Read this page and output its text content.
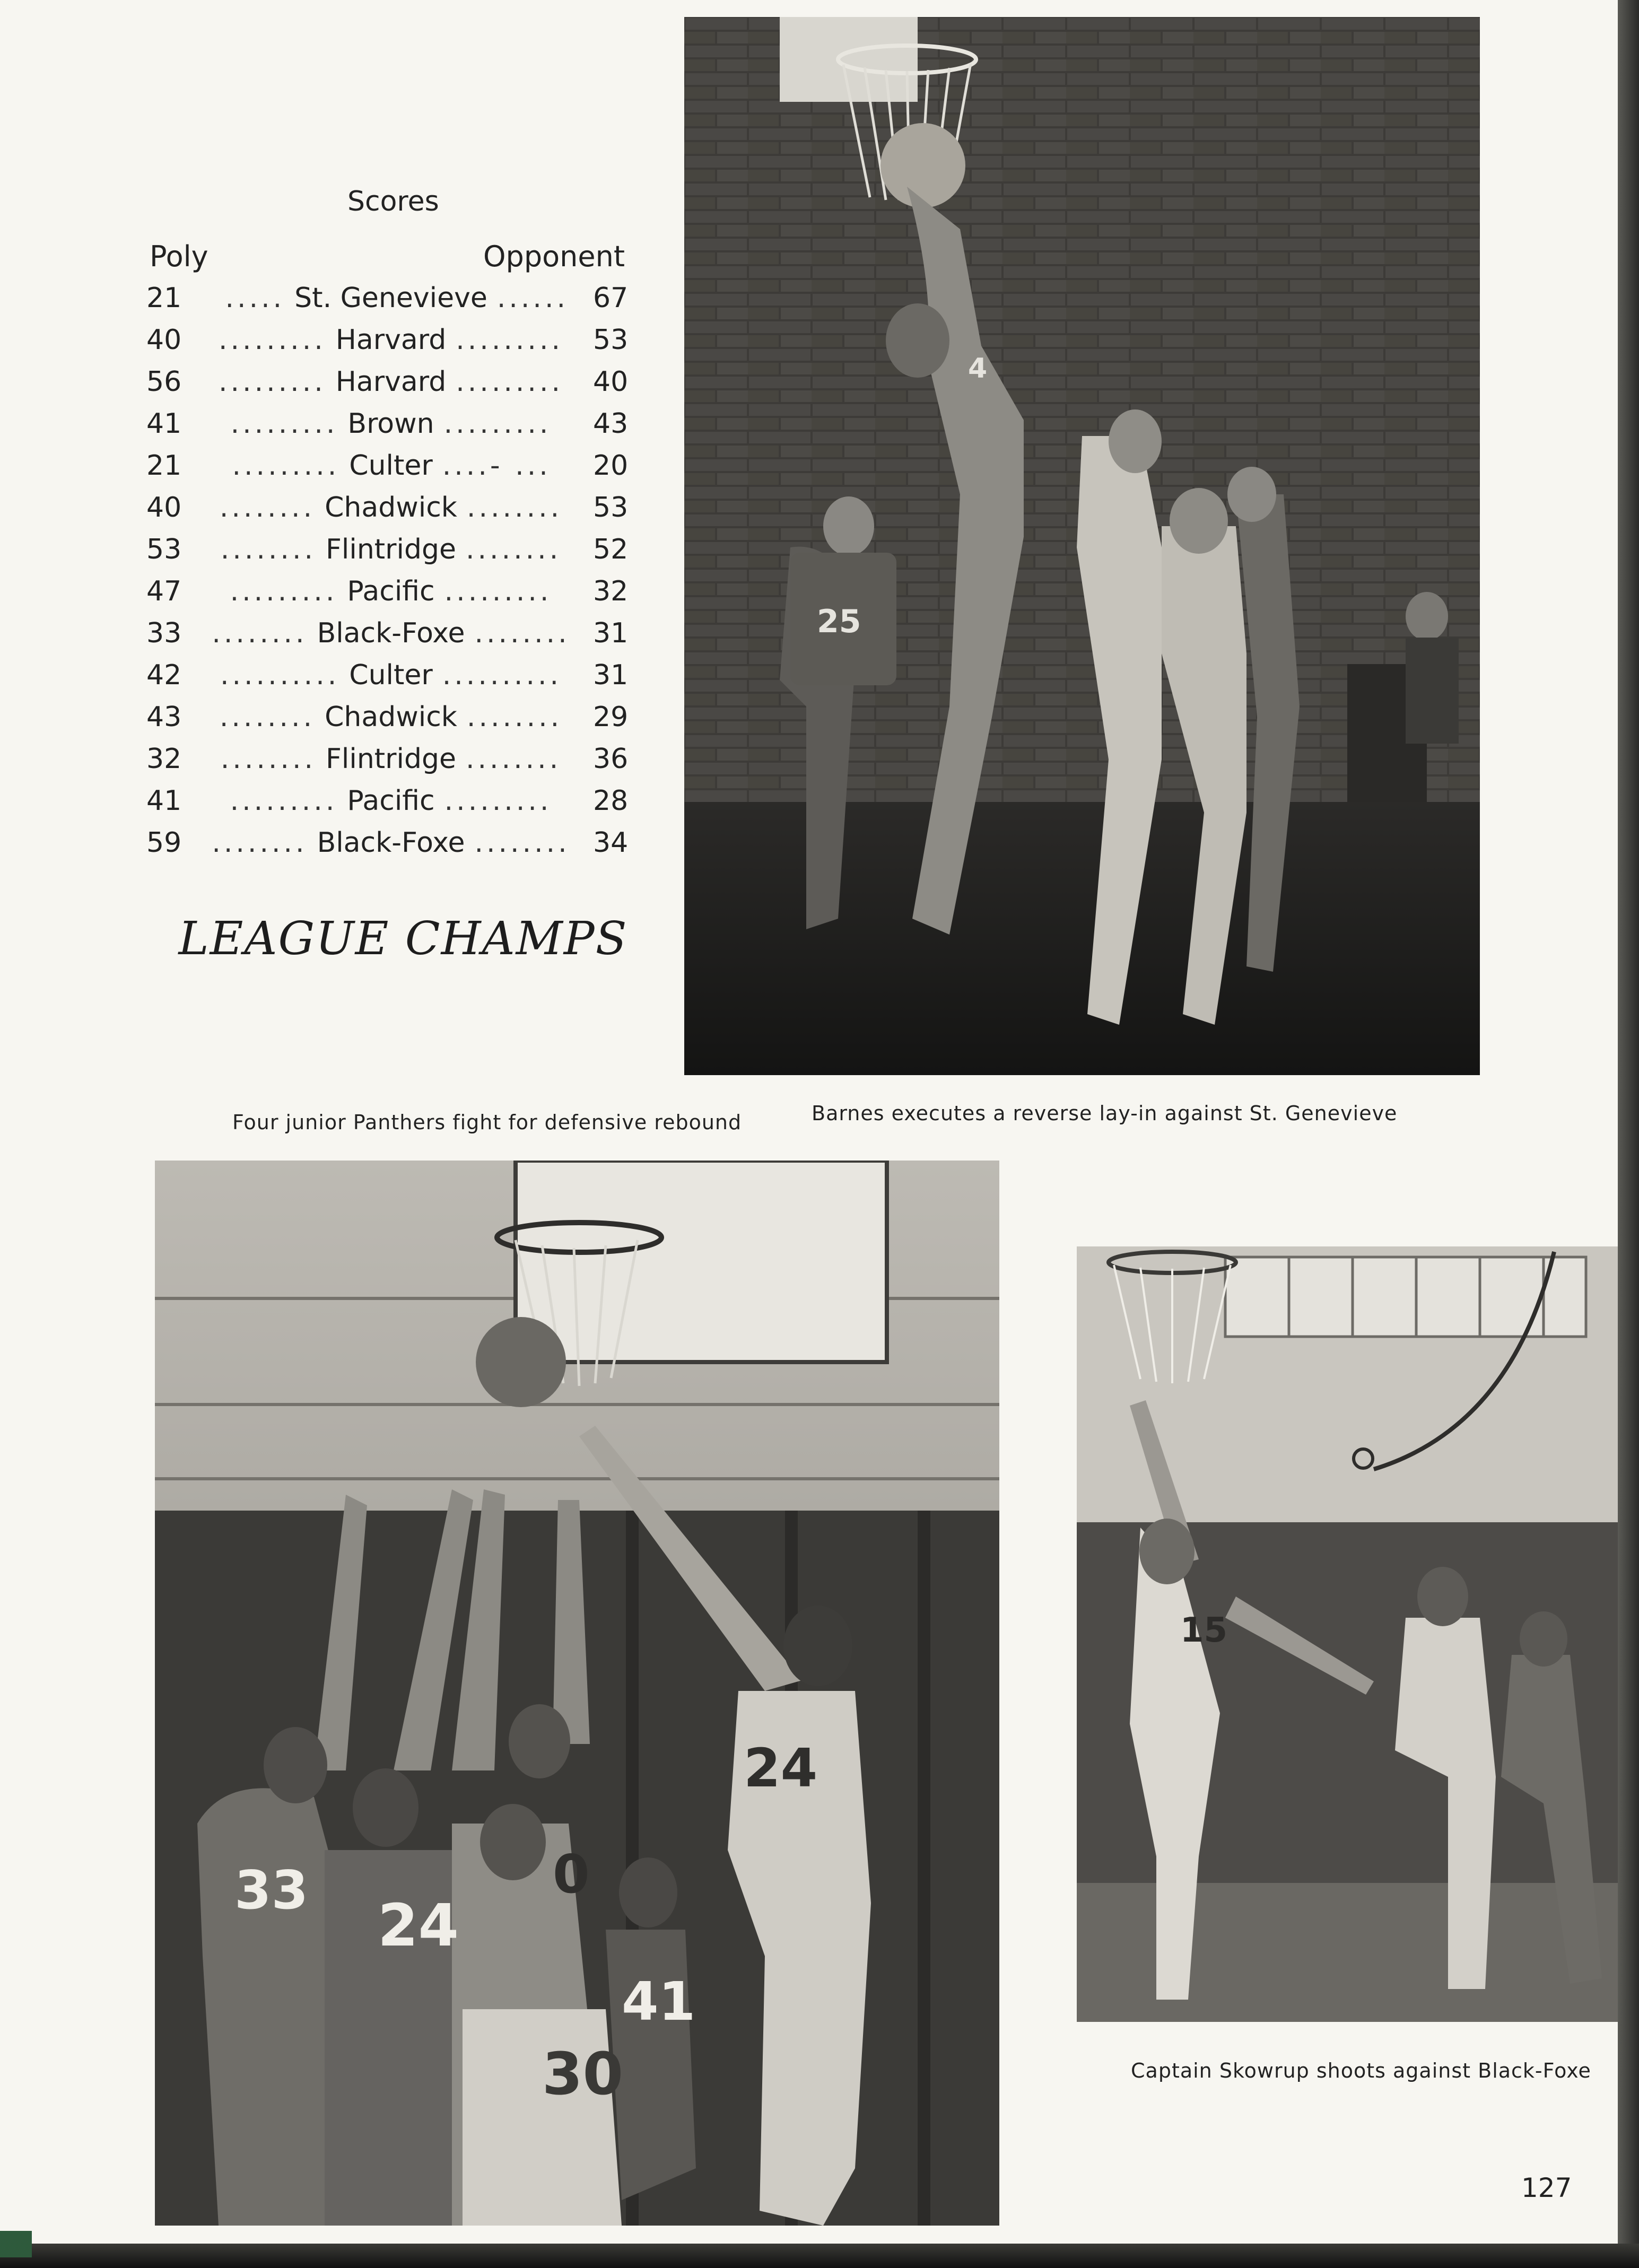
Scores
Poly	Opponent
21	..... St. Genevieve ...... 67
40	......... Harvard .........	53
56	......... Harvard .........	40
41	......... Brown .........	43
21	......... Culter ....- ...	20
40	........ Chadwick ........	53
53	........ Flintridge ........	52
47	......... Pacific .........	32
33	........ Black-Foxe ........ 31
42	.......... Culter ..........	31
43	........ Chadwick ........	29
32	........ Flintridge ........	36
41	......... Pacific .........	28
59	........ Black-Foxe ........ 34
LEAGUE CHAMPS
25
4
33
24
30
41
24
0
15
Four junior Panthers fight for defensive rebound	Barnes executes a reverse lay-in against St. Genevieve
Captain Skowrup shoots against Black-Foxe
127
